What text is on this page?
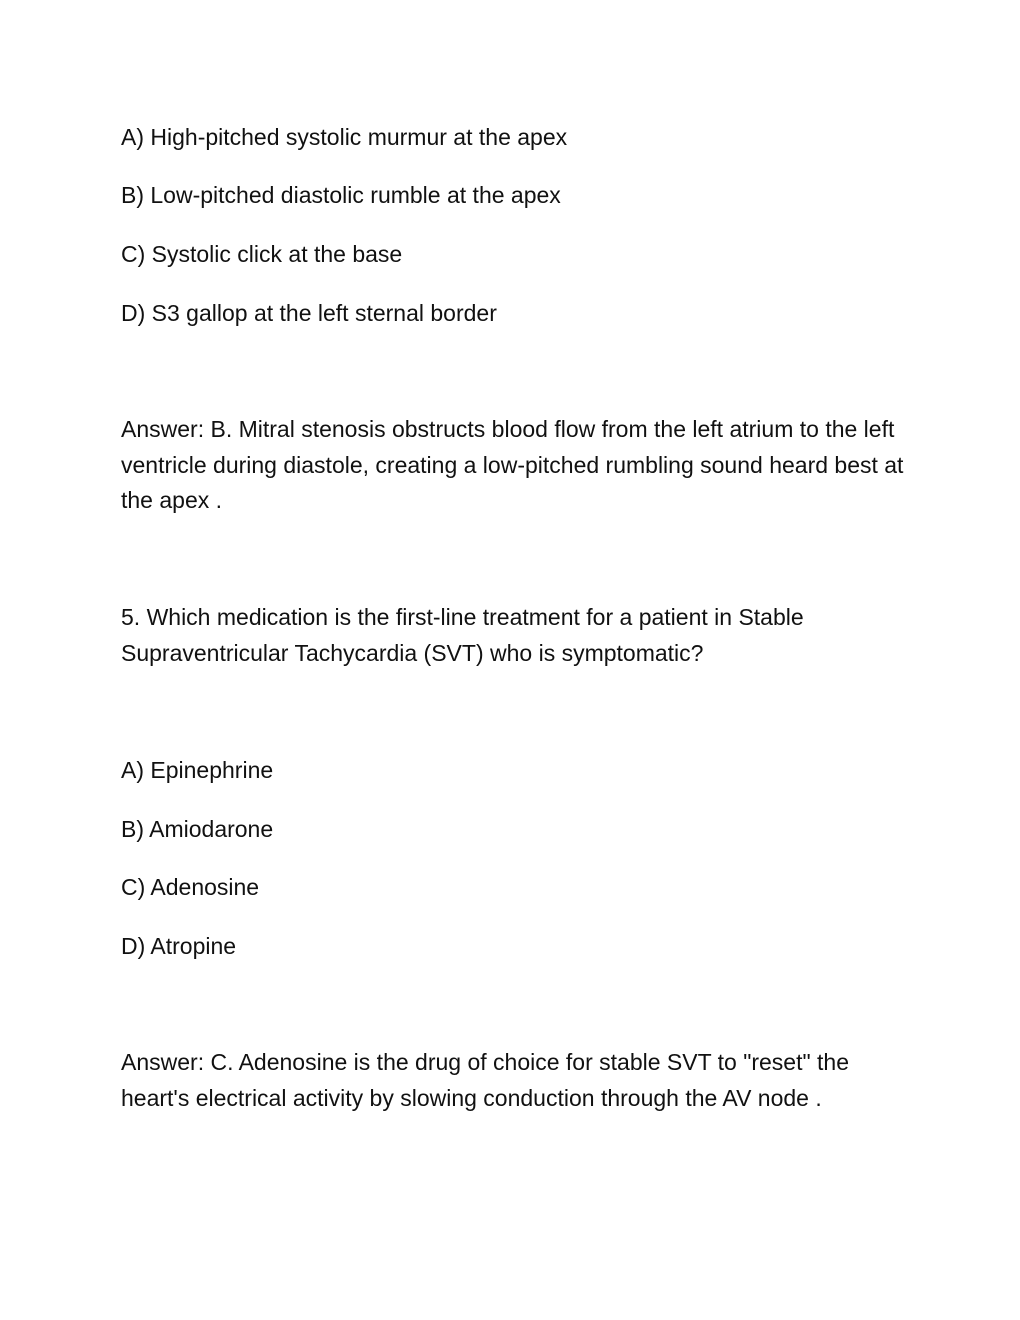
A) High-pitched systolic murmur at the apex

B) Low-pitched diastolic rumble at the apex

C) Systolic click at the base

D) S3 gallop at the left sternal border

Answer: B. Mitral stenosis obstructs blood flow from the left atrium to the left ventricle during diastole, creating a low-pitched rumbling sound heard best at the apex .

5. Which medication is the first-line treatment for a patient in Stable Supraventricular Tachycardia (SVT) who is symptomatic?

A) Epinephrine

B) Amiodarone

C) Adenosine

D) Atropine

Answer: C. Adenosine is the drug of choice for stable SVT to "reset" the heart's electrical activity by slowing conduction through the AV node .
